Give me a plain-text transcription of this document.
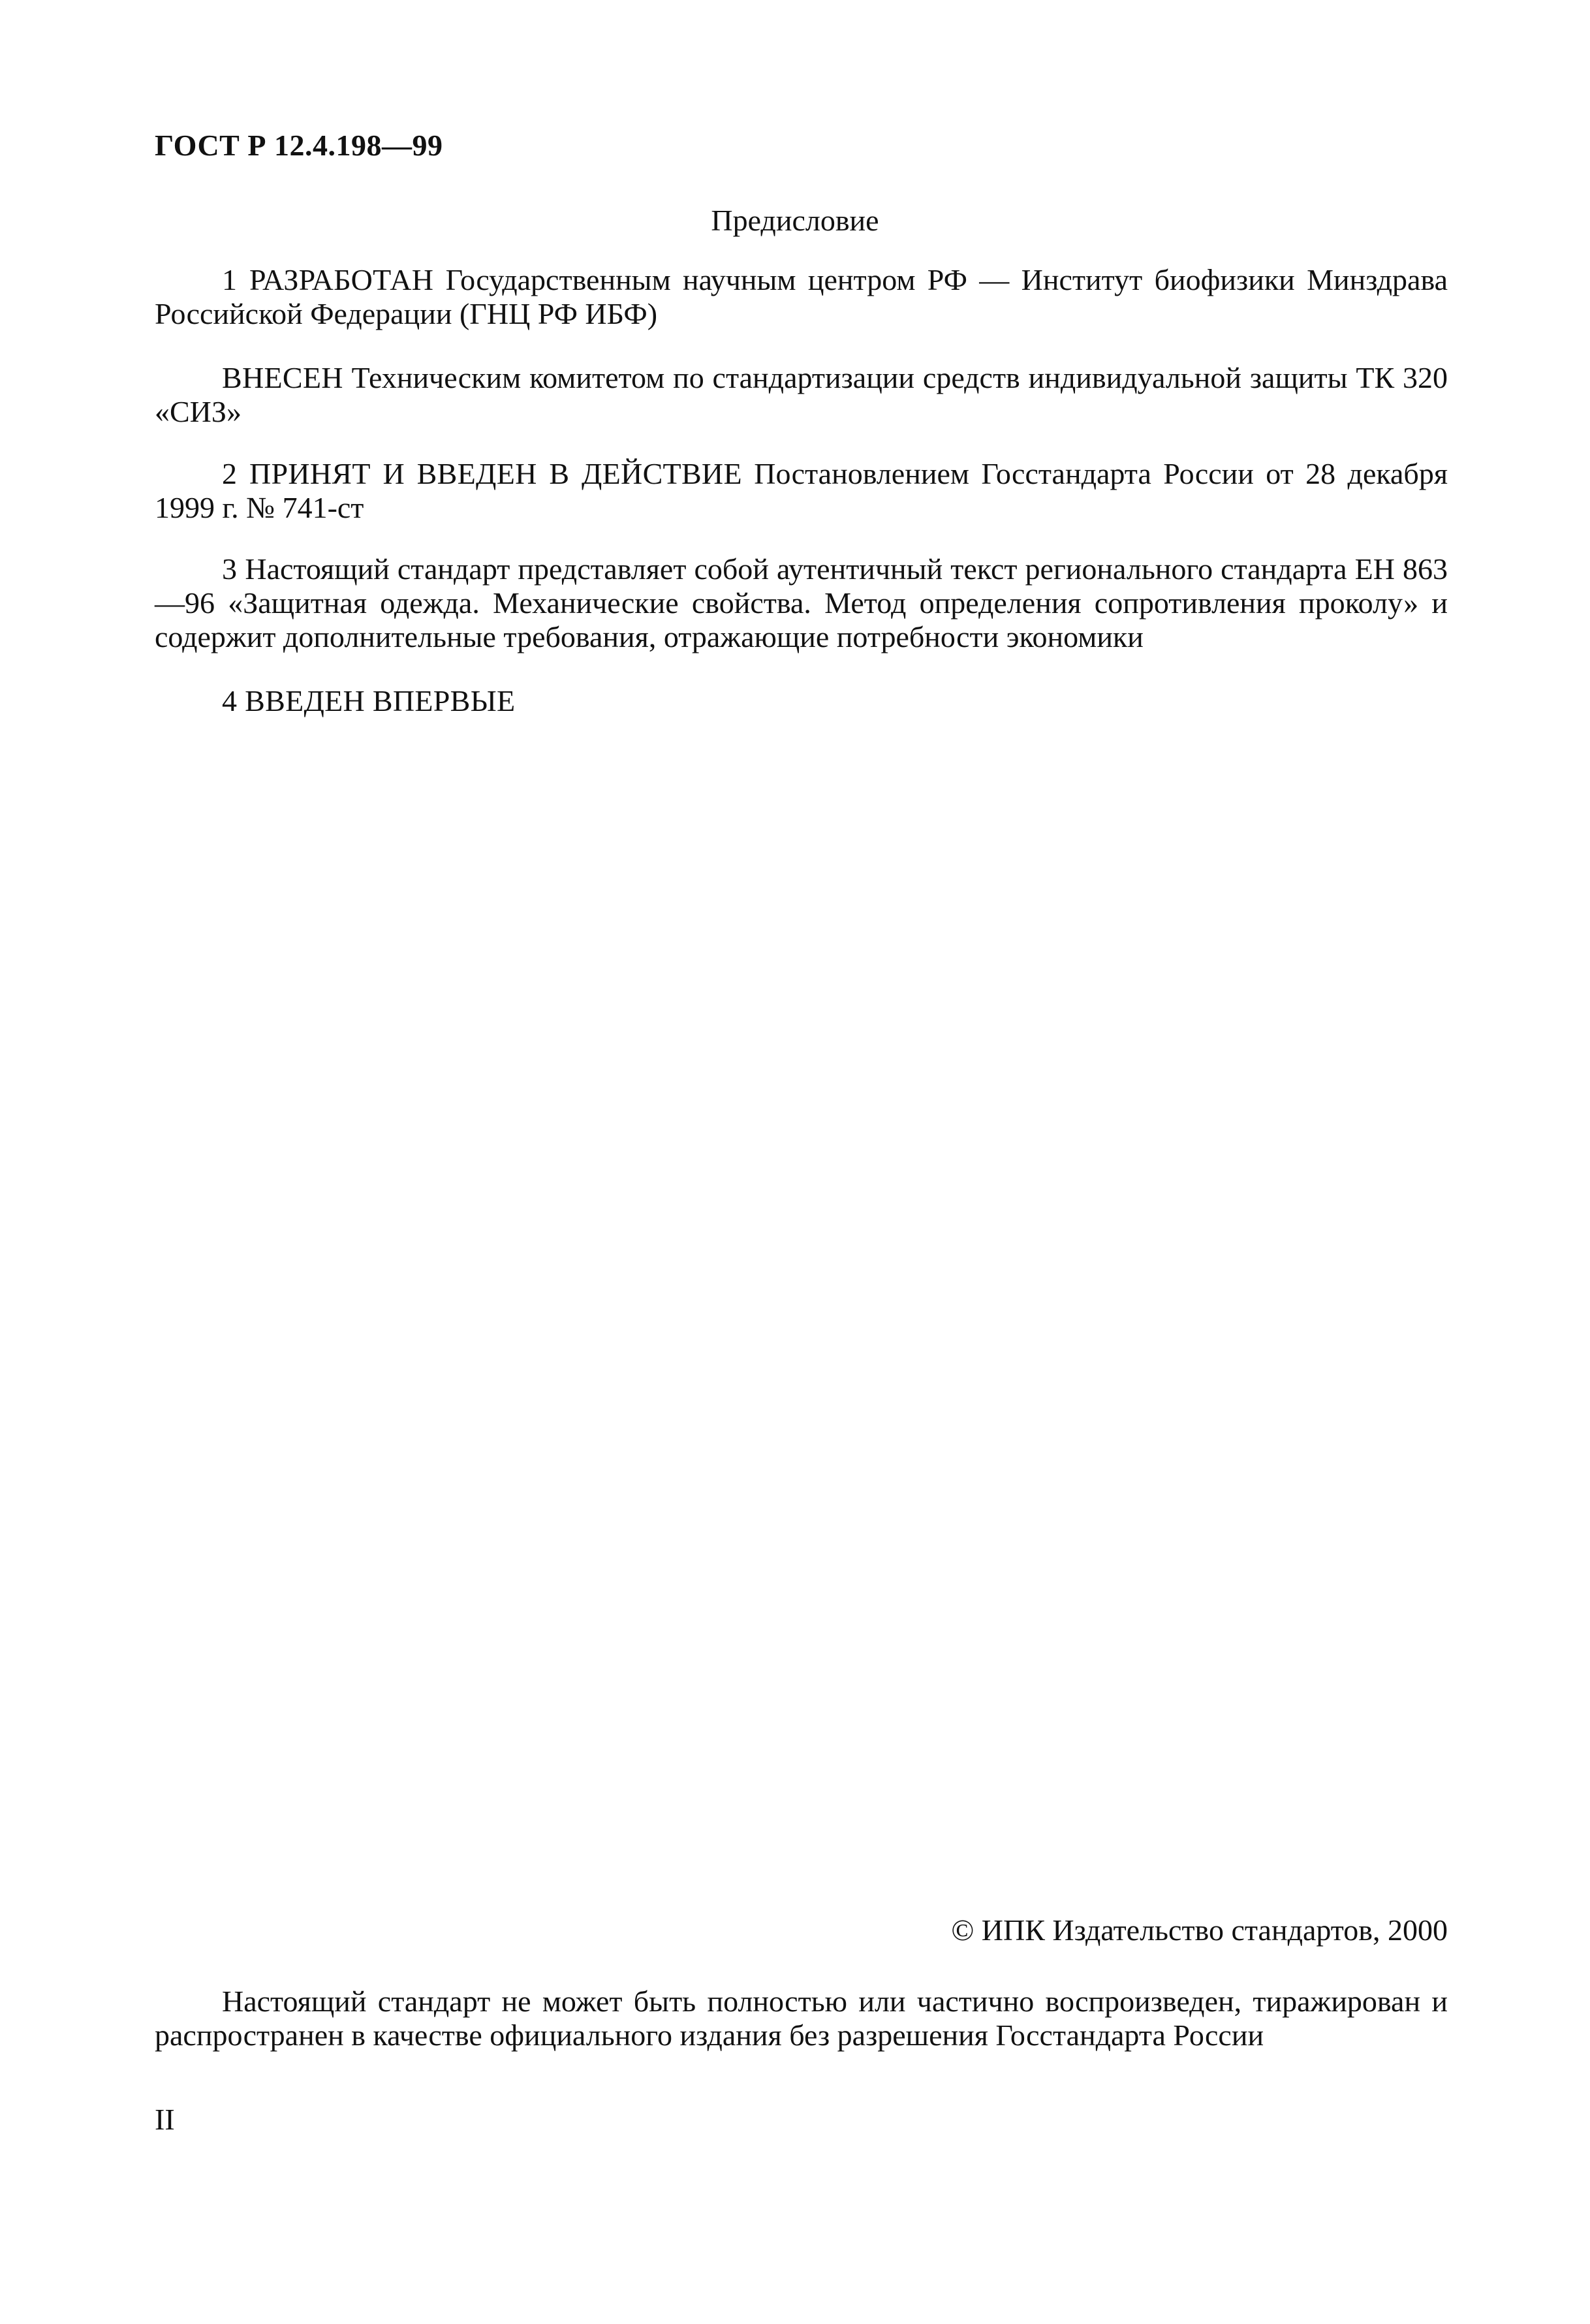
ГОСТ Р 12.4.198—99
Предисловие
1 РАЗРАБОТАН Государственным научным центром РФ — Институт биофизики Минздрава Российской Федерации (ГНЦ РФ ИБФ)
ВНЕСЕН Техническим комитетом по стандартизации средств индивидуальной защиты ТК 320 «СИЗ»
2 ПРИНЯТ И ВВЕДЕН В ДЕЙСТВИЕ Постановлением Госстандарта России от 28 декабря 1999 г. № 741-ст
3 Настоящий стандарт представляет собой аутентичный текст регионального стандарта ЕН 863—96 «Защитная одежда. Механические свойства. Метод определения сопротивления проколу» и содержит дополнительные требования, отражающие потребности экономики
4 ВВЕДЕН ВПЕРВЫЕ
© ИПК Издательство стандартов, 2000
Настоящий стандарт не может быть полностью или частично воспроизведен, тиражирован и распространен в качестве официального издания без разрешения Госстандарта России
II
